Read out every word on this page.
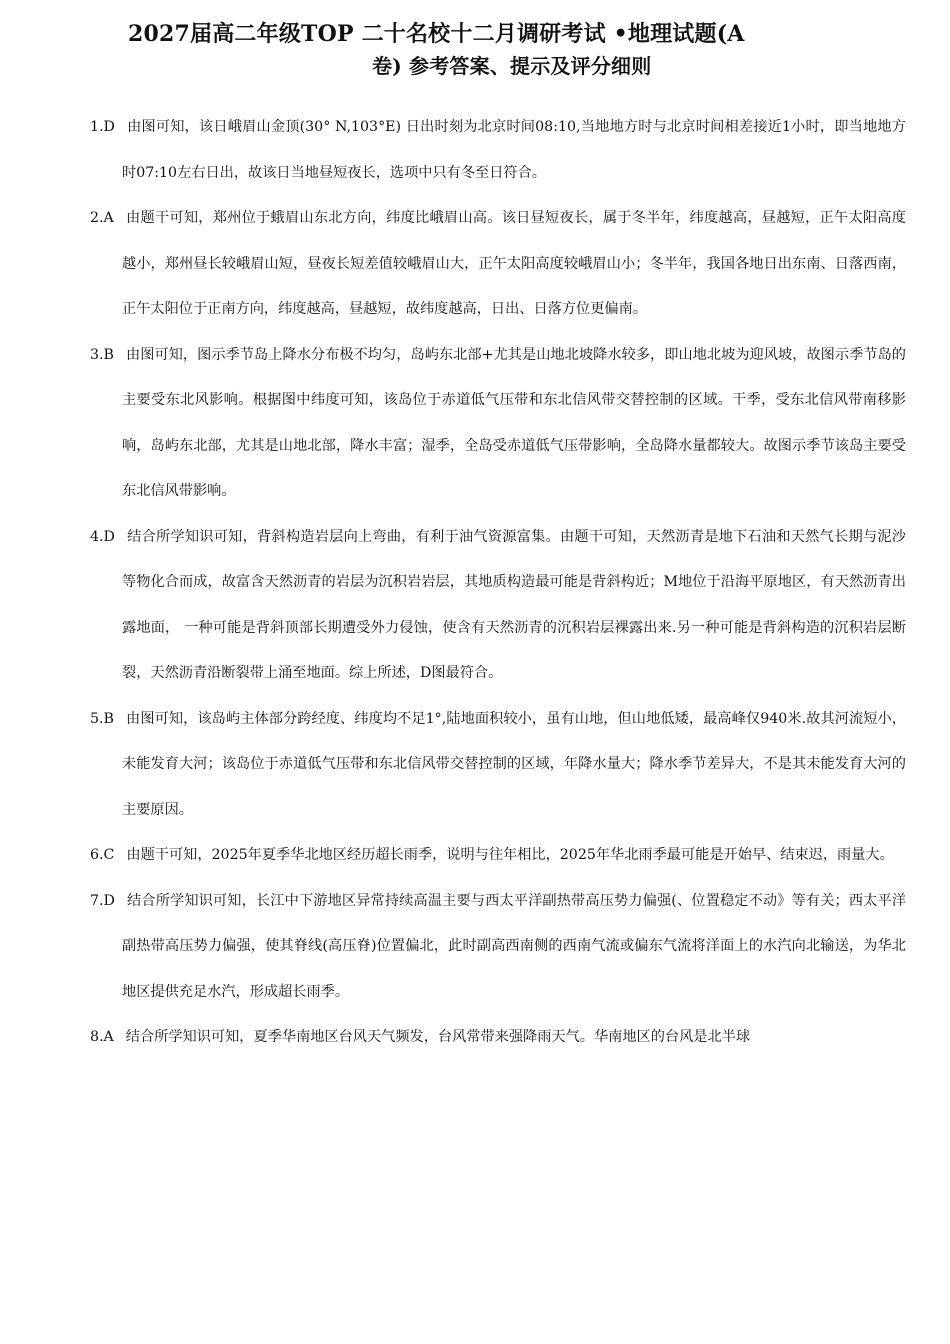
2027届高二年级TOP 二十名校十二月调研考试 •地理试题(A
卷) 参考答案、提示及评分细则

1.D 由图可知，该日峨眉山金顶(30° N,103°E) 日出时刻为北京时间08:10,当地地方时与北京时间相差接近1小时，即当地地方时07:10左右日出，故该日当地昼短夜长，选项中只有冬至日符合。

2.A 由题干可知，郑州位于蛾眉山东北方向，纬度比峨眉山高。该日昼短夜长，属于冬半年，纬度越高，昼越短，正午太阳高度越小，郑州昼长较峨眉山短，昼夜长短差值较峨眉山大，正午太阳高度较峨眉山小；冬半年，我国各地日出东南、日落西南，正午太阳位于正南方向，纬度越高，昼越短，故纬度越高，日出、日落方位更偏南。

3.B 由图可知，图示季节岛上降水分布极不均匀，岛屿东北部+尤其是山地北坡降水较多，即山地北坡为迎风坡，故图示季节岛的主要受东北风影响。根据图中纬度可知，该岛位于赤道低气压带和东北信风带交替控制的区域。干季，受东北信风带南移影响，岛屿东北部，尤其是山地北部，降水丰富；湿季，全岛受赤道低气压带影响，全岛降水量都较大。故图示季节该岛主要受东北信风带影响。

4.D 结合所学知识可知，背斜构造岩层向上弯曲，有利于油气资源富集。由题干可知，天然沥青是地下石油和天然气长期与泥沙等物化合而成，故富含天然沥青的岩层为沉积岩岩层，其地质构造最可能是背斜构近；M地位于沿海平原地区，有天然沥青出露地面， 一种可能是背斜顶部长期遭受外力侵蚀，使含有天然沥青的沉积岩层裸露出来.另一种可能是背斜构造的沉积岩层断裂，天然沥青沿断裂带上涌至地面。综上所述，D图最符合。

5.B 由图可知，该岛屿主体部分跨经度、纬度均不足1°,陆地面积较小，虽有山地，但山地低矮，最高峰仅940米.故其河流短小，未能发育大河；该岛位于赤道低气压带和东北信风带交替控制的区域，年降水量大；降水季节差异大，不是其未能发育大河的主要原因。

6.C 由题干可知，2025年夏季华北地区经历超长雨季，说明与往年相比，2025年华北雨季最可能是开始早、结束迟，雨量大。

7.D 结合所学知识可知，长江中下游地区异常持续高温主要与西太平洋副热带高压势力偏强(、位置稳定不动》等有关；西太平洋副热带高压势力偏强，使其脊线(高压脊)位置偏北，此时副高西南侧的西南气流或偏东气流将洋面上的水汽向北输送，为华北地区提供充足水汽，形成超长雨季。

8.A 结合所学知识可知，夏季华南地区台风天气频发，台风常带来强降雨天气。华南地区的台风是北半球
